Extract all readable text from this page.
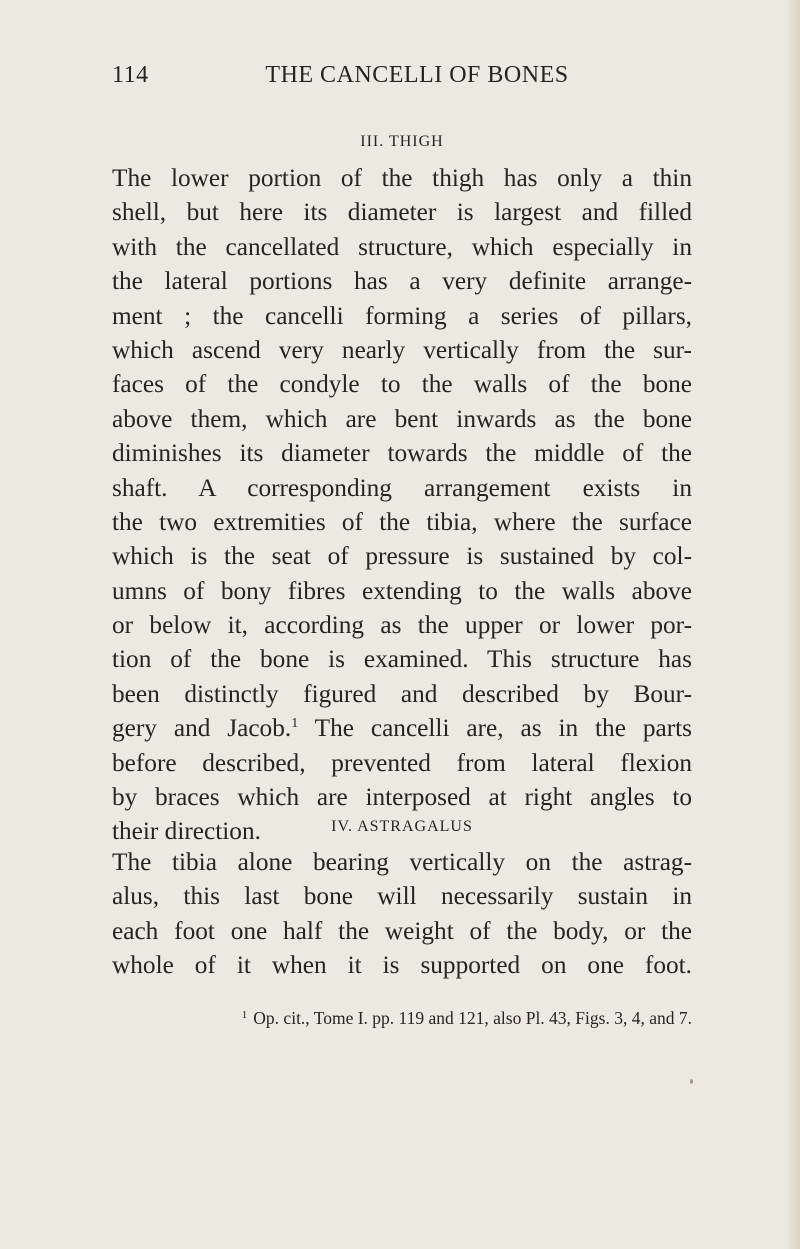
114	THE CANCELLI OF BONES
III. THIGH
The lower portion of the thigh has only a thin
shell, but here its diameter is largest and filled
with the cancellated structure, which especially in
the lateral portions has a very definite arrange-
ment ; the cancelli forming a series of pillars,
which ascend very nearly vertically from the sur-
faces of the condyle to the walls of the bone
above them, which are bent inwards as the bone
diminishes its diameter towards the middle of the
shaft. A corresponding arrangement exists in
the two extremities of the tibia, where the surface
which is the seat of pressure is sustained by col-
umns of bony fibres extending to the walls above
or below it, according as the upper or lower por-
tion of the bone is examined. This structure has
been distinctly figured and described by Bour-
gery and Jacob.$^1$ The cancelli are, as in the parts
before described, prevented from lateral flexion
by braces which are interposed at right angles to
their direction.	IV. ASTRAGALUS
The tibia alone bearing vertically on the astrag-
alus, this last bone will necessarily sustain in
each foot one half the weight of the body, or the
whole of it when it is supported on one foot.
$^1$ Op. cit., Tome I. pp. 119 and 121, also Pl. 43, Figs. 3, 4, and 7.
